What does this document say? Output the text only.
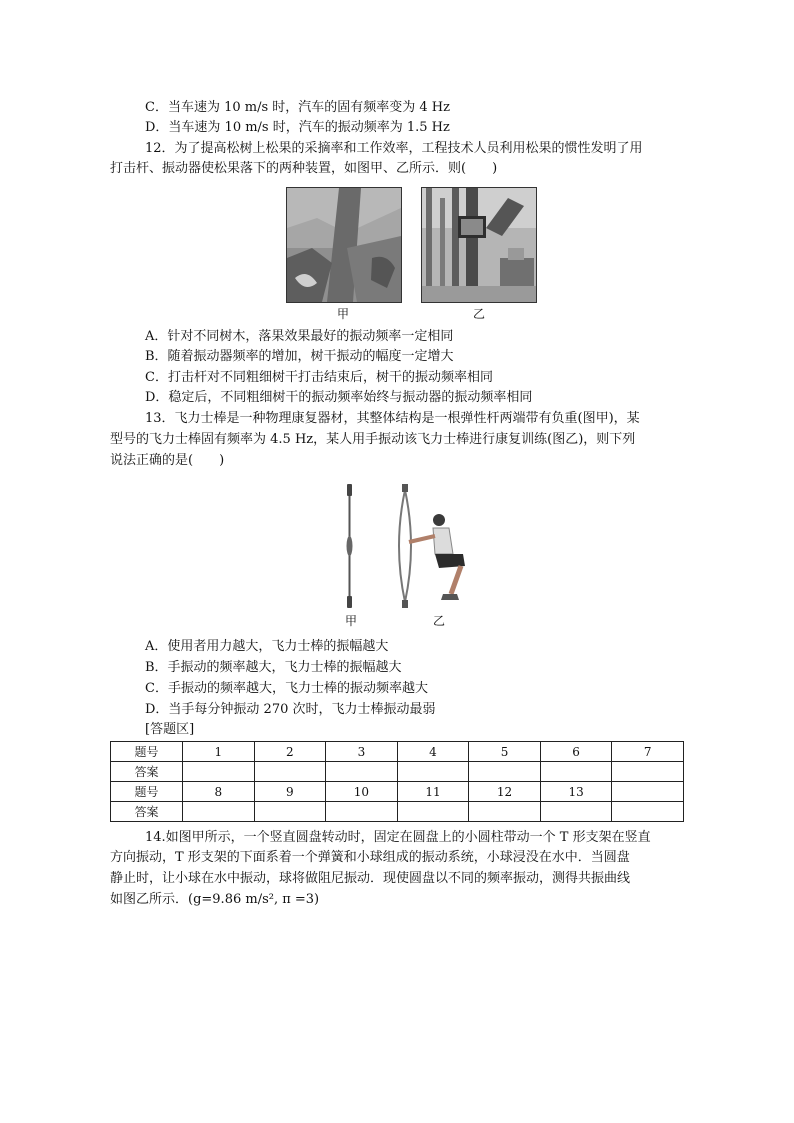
C．当车速为 10 m/s 时，汽车的固有频率变为 4 Hz
D．当车速为 10 m/s 时，汽车的振动频率为 1.5 Hz
12．为了提高松树上松果的采摘率和工作效率，工程技术人员利用松果的惯性发明了用
打击杆、振动器使松果落下的两种装置，如图甲、乙所示．则(　　)
甲	乙
A．针对不同树木，落果效果最好的振动频率一定相同
B．随着振动器频率的增加，树干振动的幅度一定增大
C．打击杆对不同粗细树干打击结束后，树干的振动频率相同
D．稳定后，不同粗细树干的振动频率始终与振动器的振动频率相同
13．飞力士棒是一种物理康复器材，其整体结构是一根弹性杆两端带有负重(图甲)，某
型号的飞力士棒固有频率为 4.5 Hz，某人用手振动该飞力士棒进行康复训练(图乙)，则下列
说法正确的是(　　)
甲	乙
A．使用者用力越大，飞力士棒的振幅越大
B．手振动的频率越大，飞力士棒的振幅越大
C．手振动的频率越大，飞力士棒的振动频率越大
D．当手每分钟振动 270 次时，飞力士棒振动最弱
[答题区]
题号	1	2	3	4	5	6	7
答案							
题号	8	9	10	11	12	13	
答案							
14.如图甲所示，一个竖直圆盘转动时，固定在圆盘上的小圆柱带动一个 T 形支架在竖直
方向振动，T 形支架的下面系着一个弹簧和小球组成的振动系统，小球浸没在水中．当圆盘
静止时，让小球在水中振动，球将做阻尼振动．现使圆盘以不同的频率振动，测得共振曲线
如图乙所示．(g=9.86 m/s², π =3)
